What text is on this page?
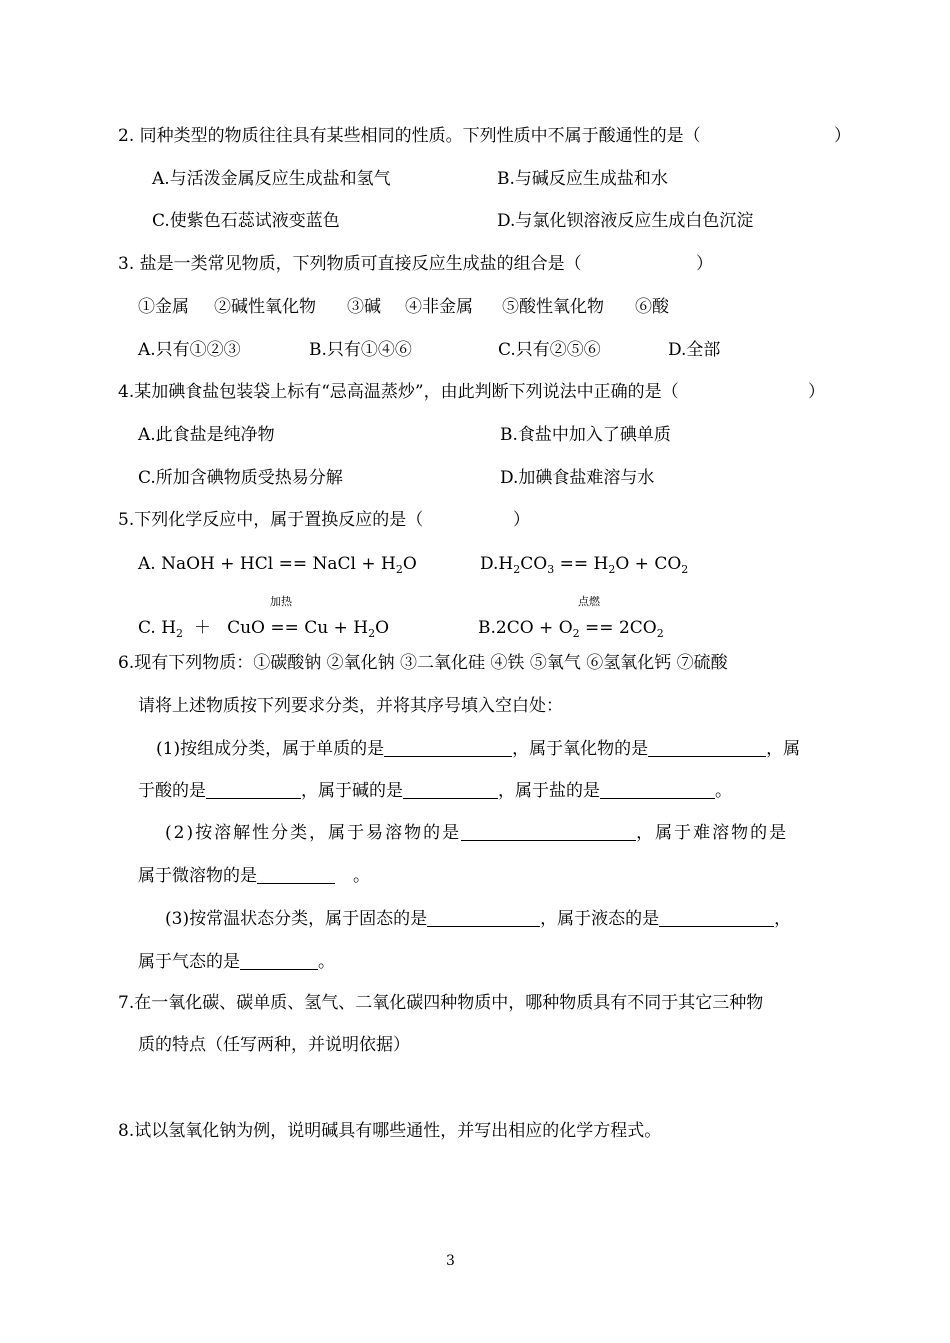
2. 同种类型的物质往往具有某些相同的性质。下列性质中不属于酸通性的是（	）
A.与活泼金属反应生成盐和氢气	B.与碱反应生成盐和水
C.使紫色石蕊试液变蓝色	D.与氯化钡溶液反应生成白色沉淀
3. 盐是一类常见物质，下列物质可直接反应生成盐的组合是（	）
①金属 ②碱性氧化物 ③碱 ④非金属 ⑤酸性氧化物 ⑥酸
A.只有①②③	B.只有①④⑥	C.只有②⑤⑥	D.全部
4.某加碘食盐包装袋上标有“忌高温蒸炒”，由此判断下列说法中正确的是（	）
A.此食盐是纯净物	B.食盐中加入了碘单质
C.所加含碘物质受热易分解	D.加碘食盐难溶与水
5.下列化学反应中，属于置换反应的是（	）
A. NaOH + HCl == NaCl + $H_2O$	$D.H_2CO_3 == H_2O + CO_2$
加热	点燃
C. $H_2$  ＋   CuO == $Cu + H_2O$	$B.2CO + O_2 == 2CO_2$
6.现有下列物质：①碳酸钠 ②氧化钠 ③二氧化硅 ④铁 ⑤氧气 ⑥氢氧化钙 ⑦硫酸
请将上述物质按下列要求分类，并将其序号填入空白处：
(1)按组成分类，属于单质的是	，属于氧化物的是	，属
于酸的是	，属于碱的是	，属于盐的是	。
(2)按溶解性分类，属于易溶物的是	，属于难溶物的是
属于微溶物的是	。
(3)按常温状态分类，属于固态的是	，属于液态的是	，
属于气态的是	。
7.在一氧化碳、碳单质、氢气、二氧化碳四种物质中，哪种物质具有不同于其它三种物
质的特点（任写两种，并说明依据）
8.试以氢氧化钠为例，说明碱具有哪些通性，并写出相应的化学方程式。
3
